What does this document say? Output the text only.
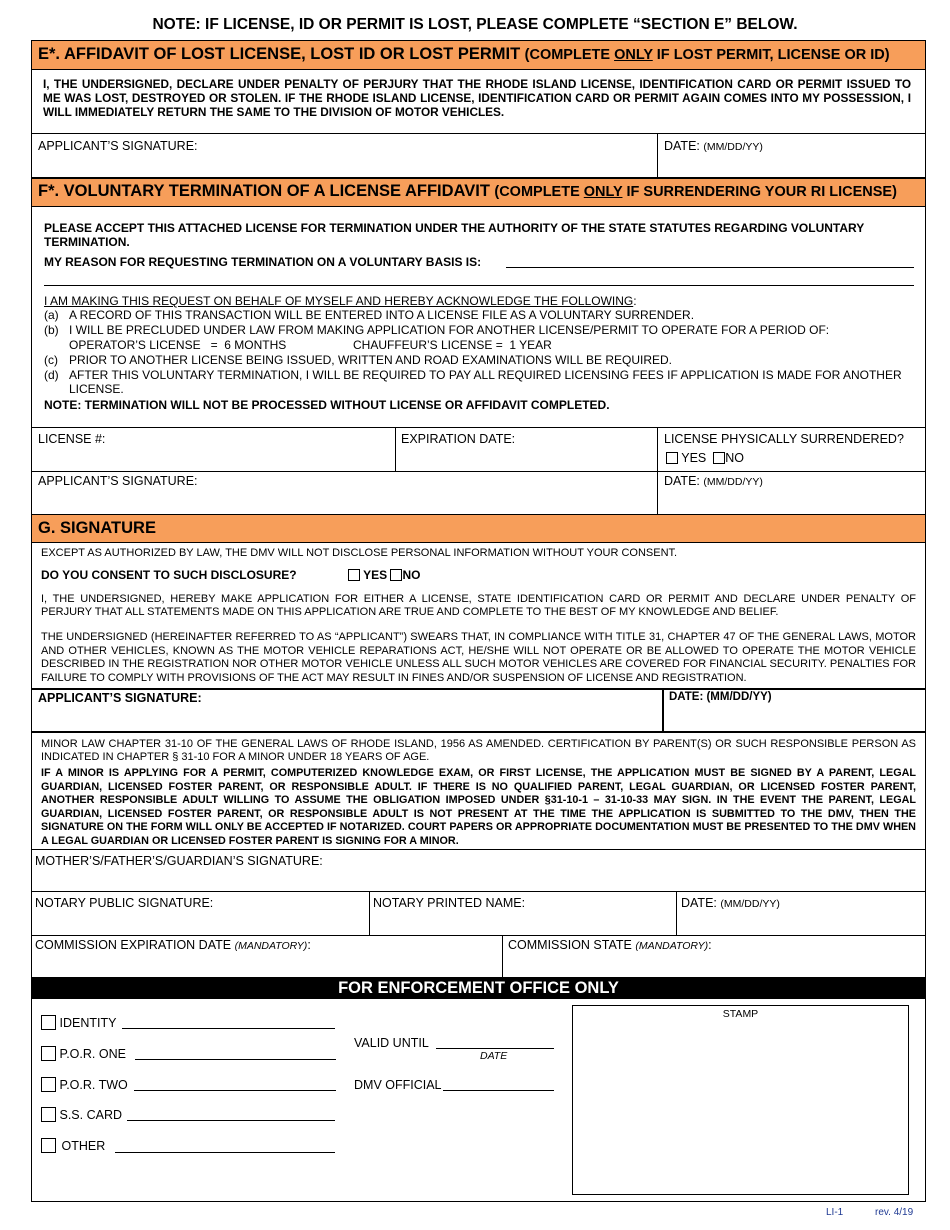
NOTE: IF LICENSE, ID OR PERMIT IS LOST, PLEASE COMPLETE “SECTION E” BELOW.
E*. AFFIDAVIT OF LOST LICENSE, LOST ID OR LOST PERMIT (COMPLETE ONLY IF LOST PERMIT, LICENSE OR ID)
I, THE UNDERSIGNED, DECLARE UNDER PENALTY OF PERJURY THAT THE RHODE ISLAND LICENSE, IDENTIFICATION CARD OR PERMIT ISSUED TO ME WAS LOST, DESTROYED OR STOLEN. IF THE RHODE ISLAND LICENSE, IDENTIFICATION CARD OR PERMIT AGAIN COMES INTO MY POSSESSION, I WILL IMMEDIATELY RETURN THE SAME TO THE DIVISION OF MOTOR VEHICLES.
APPLICANT’S SIGNATURE:	DATE: (MM/DD/YY)
F*. VOLUNTARY TERMINATION OF A LICENSE AFFIDAVIT (COMPLETE ONLY IF SURRENDERING YOUR RI LICENSE)
PLEASE ACCEPT THIS ATTACHED LICENSE FOR TERMINATION UNDER THE AUTHORITY OF THE STATE STATUTES REGARDING VOLUNTARY TERMINATION.
MY REASON FOR REQUESTING TERMINATION ON A VOLUNTARY BASIS IS:
I AM MAKING THIS REQUEST ON BEHALF OF MYSELF AND HEREBY ACKNOWLEDGE THE FOLLOWING:
(a) A RECORD OF THIS TRANSACTION WILL BE ENTERED INTO A LICENSE FILE AS A VOLUNTARY SURRENDER.
(b) I WILL BE PRECLUDED UNDER LAW FROM MAKING APPLICATION FOR ANOTHER LICENSE/PERMIT TO OPERATE FOR A PERIOD OF:
OPERATOR’S LICENSE   =  6 MONTHS	CHAUFFEUR’S LICENSE =  1 YEAR
(c) PRIOR TO ANOTHER LICENSE BEING ISSUED, WRITTEN AND ROAD EXAMINATIONS WILL BE REQUIRED.
(d) AFTER THIS VOLUNTARY TERMINATION, I WILL BE REQUIRED TO PAY ALL REQUIRED LICENSING FEES IF APPLICATION IS MADE FOR ANOTHER LICENSE.
NOTE: TERMINATION WILL NOT BE PROCESSED WITHOUT LICENSE OR AFFIDAVIT COMPLETED.
LICENSE #:	EXPIRATION DATE:	LICENSE PHYSICALLY SURRENDERED?
YES NO
APPLICANT’S SIGNATURE:	DATE: (MM/DD/YY)
G. SIGNATURE
EXCEPT AS AUTHORIZED BY LAW, THE DMV WILL NOT DISCLOSE PERSONAL INFORMATION WITHOUT YOUR CONSENT.
DO YOU CONSENT TO SUCH DISCLOSURE?	YES NO
I, THE UNDERSIGNED, HEREBY MAKE APPLICATION FOR EITHER A LICENSE, STATE IDENTIFICATION CARD OR PERMIT AND DECLARE UNDER PENALTY OF PERJURY THAT ALL STATEMENTS MADE ON THIS APPLICATION ARE TRUE AND COMPLETE TO THE BEST OF MY KNOWLEDGE AND BELIEF.
THE UNDERSIGNED (HEREINAFTER REFERRED TO AS “APPLICANT”) SWEARS THAT, IN COMPLIANCE WITH TITLE 31, CHAPTER 47 OF THE GENERAL LAWS, MOTOR AND OTHER VEHICLES, KNOWN AS THE MOTOR VEHICLE REPARATIONS ACT, HE/SHE WILL NOT OPERATE OR BE ALLOWED TO OPERATE THE MOTOR VEHICLE DESCRIBED IN THE REGISTRATION NOR OTHER MOTOR VEHICLE UNLESS ALL SUCH MOTOR VEHICLES ARE COVERED FOR FINANCIAL SECURITY. PENALTIES FOR FAILURE TO COMPLY WITH PROVISIONS OF THE ACT MAY RESULT IN FINES AND/OR SUSPENSION OF LICENSE AND REGISTRATION.
APPLICANT’S SIGNATURE:	DATE: (MM/DD/YY)
MINOR LAW CHAPTER 31-10 OF THE GENERAL LAWS OF RHODE ISLAND, 1956 AS AMENDED. CERTIFICATION BY PARENT(S) OR SUCH RESPONSIBLE PERSON AS INDICATED IN CHAPTER § 31-10 FOR A MINOR UNDER 18 YEARS OF AGE.
IF A MINOR IS APPLYING FOR A PERMIT, COMPUTERIZED KNOWLEDGE EXAM, OR FIRST LICENSE, THE APPLICATION MUST BE SIGNED BY A PARENT, LEGAL GUARDIAN, LICENSED FOSTER PARENT, OR RESPONSIBLE ADULT. IF THERE IS NO QUALIFIED PARENT, LEGAL GUARDIAN, OR LICENSED FOSTER PARENT, ANOTHER RESPONSIBLE ADULT WILLING TO ASSUME THE OBLIGATION IMPOSED UNDER §31-10-1 – 31-10-33 MAY SIGN. IN THE EVENT THE PARENT, LEGAL GUARDIAN, LICENSED FOSTER PARENT, OR RESPONSIBLE ADULT IS NOT PRESENT AT THE TIME THE APPLICATION IS SUBMITTED TO THE DMV, THEN THE SIGNATURE ON THE FORM WILL ONLY BE ACCEPTED IF NOTARIZED. COURT PAPERS OR APPROPRIATE DOCUMENTATION MUST BE PRESENTED TO THE DMV WHEN A LEGAL GUARDIAN OR LICENSED FOSTER PARENT IS SIGNING FOR A MINOR.
MOTHER’S/FATHER’S/GUARDIAN’S SIGNATURE:
NOTARY PUBLIC SIGNATURE:	NOTARY PRINTED NAME:	DATE: (MM/DD/YY)
COMMISSION EXPIRATION DATE (MANDATORY):	COMMISSION STATE (MANDATORY):
FOR ENFORCEMENT OFFICE ONLY
IDENTITY
P.O.R. ONE
P.O.R. TWO
S.S. CARD
OTHER
VALID UNTIL
DATE
DMV OFFICIAL
STAMP
LI-1	rev. 4/19
